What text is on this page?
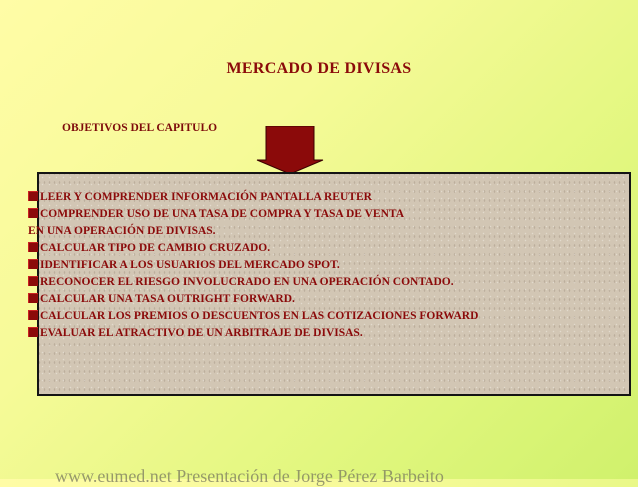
MERCADO DE DIVISAS
OBJETIVOS DEL CAPITULO
LEER Y COMPRENDER INFORMACIÓN PANTALLA REUTER
COMPRENDER USO DE UNA TASA DE COMPRA Y TASA DE VENTA
EN UNA OPERACIÓN DE DIVISAS.
CALCULAR TIPO DE CAMBIO CRUZADO.
IDENTIFICAR A LOS USUARIOS DEL MERCADO SPOT.
RECONOCER EL RIESGO INVOLUCRADO EN UNA OPERACIÓN CONTADO.
CALCULAR UNA TASA OUTRIGHT FORWARD.
CALCULAR LOS PREMIOS O DESCUENTOS EN LAS COTIZACIONES FORWARD
EVALUAR EL ATRACTIVO DE UN ARBITRAJE DE DIVISAS.
www.eumed.net Presentación de Jorge Pérez Barbeito
